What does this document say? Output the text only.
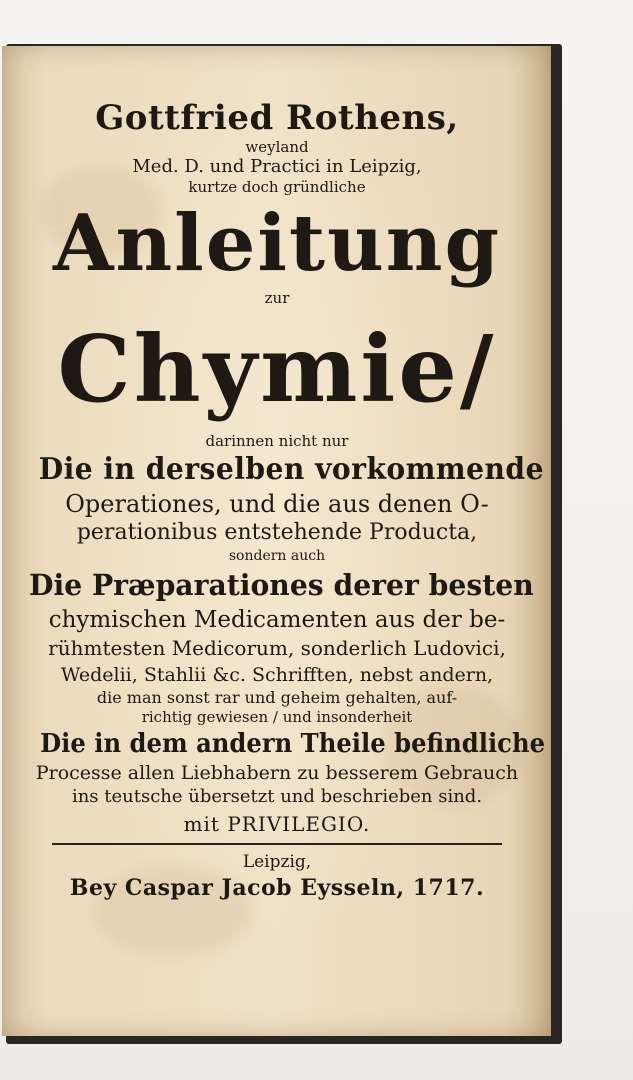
Gottfried Rothens,
weyland
Med. D. und Practici in Leipzig,
kurtze doch gründliche
Anleitung
zur
Chymie/
darinnen nicht nur
Die in derselben vorkommende
Operationes, und die aus denen O-
perationibus entstehende Producta,
sondern auch
Die Præparationes derer besten
chymischen Medicamenten aus der be-
rühmtesten Medicorum, sonderlich Ludovici,
Wedelii, Stahlii &c. Schrifften, nebst andern,
die man sonst rar und geheim gehalten, auf-
richtig gewiesen / und insonderheit
Die in dem andern Theile befindliche
Processe allen Liebhabern zu besserem Gebrauch
ins teutsche übersetzt und beschrieben sind.
mit PRIVILEGIO.
Leipzig,
Bey Caspar Jacob Eysseln, 1717.
